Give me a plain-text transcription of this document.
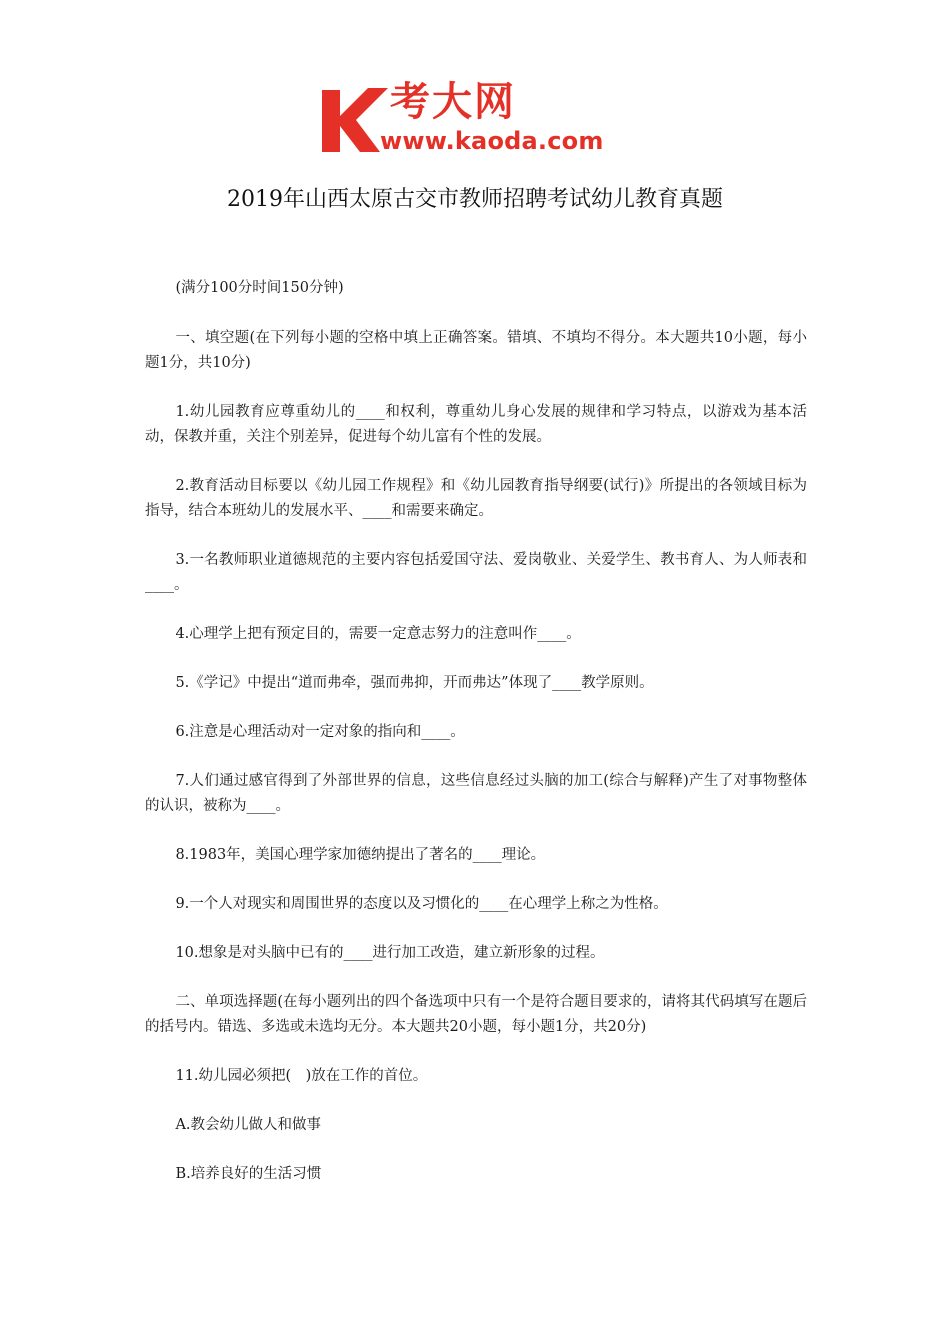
考大网
www.kaoda.com
2019年山西太原古交市教师招聘考试幼儿教育真题

(满分100分时间150分钟)

一、填空题(在下列每小题的空格中填上正确答案。错填、不填均不得分。本大题共10小题，每小题1分，共10分)

1.幼儿园教育应尊重幼儿的____和权利，尊重幼儿身心发展的规律和学习特点，以游戏为基本活动，保教并重，关注个别差异，促进每个幼儿富有个性的发展。

2.教育活动目标要以《幼儿园工作规程》和《幼儿园教育指导纲要(试行)》所提出的各领域目标为指导，结合本班幼儿的发展水平、____和需要来确定。

3.一名教师职业道德规范的主要内容包括爱国守法、爱岗敬业、关爱学生、教书育人、为人师表和____。

4.心理学上把有预定目的，需要一定意志努力的注意叫作____。

5.《学记》中提出“道而弗牵，强而弗抑，开而弗达”体现了____教学原则。

6.注意是心理活动对一定对象的指向和____。

7.人们通过感官得到了外部世界的信息，这些信息经过头脑的加工(综合与解释)产生了对事物整体的认识，被称为____。

8.1983年，美国心理学家加德纳提出了著名的____理论。

9.一个人对现实和周围世界的态度以及习惯化的____在心理学上称之为性格。

10.想象是对头脑中已有的____进行加工改造，建立新形象的过程。

二、单项选择题(在每小题列出的四个备选项中只有一个是符合题目要求的，请将其代码填写在题后的括号内。错选、多选或未选均无分。本大题共20小题，每小题1分，共20分)

11.幼儿园必须把(　)放在工作的首位。

A.教会幼儿做人和做事

B.培养良好的生活习惯
